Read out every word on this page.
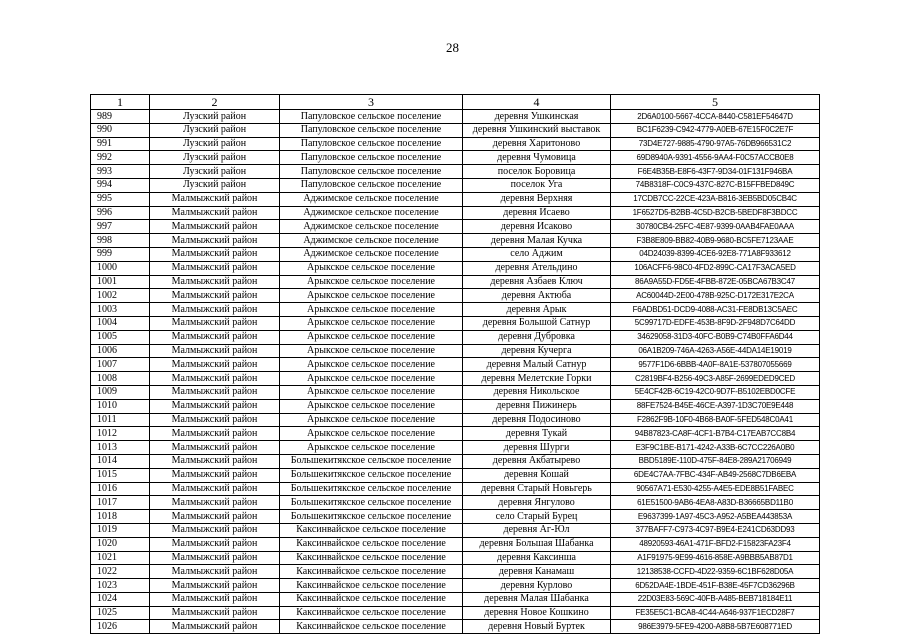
28
1	2	3	4	5
989	Лузский район	Папуловское сельское поселение	деревня Ушкинская	2D6A0100-5667-4CCA-8440-C581EF54647D
990	Лузский район	Папуловское сельское поселение	деревня Ушкинский выставок	BC1F6239-C942-4779-A0EB-67E15F0C2E7F
991	Лузский район	Папуловское сельское поселение	деревня Харитоново	73D4E727-9885-4790-97A5-76DB966531C2
992	Лузский район	Папуловское сельское поселение	деревня Чумовица	69D8940A-9391-4556-9AA4-F0C57ACCB0E8
993	Лузский район	Папуловское сельское поселение	поселок Боровица	F6E4B35B-E8F6-43F7-9D34-01F131F946BA
994	Лузский район	Папуловское сельское поселение	поселок Уга	74B8318F-C0C9-437C-827C-B15FFBED849C
995	Малмыжский район	Аджимское сельское поселение	деревня Верхняя	17CDB7CC-22CE-423A-B816-3EB5BD05CB4C
996	Малмыжский район	Аджимское сельское поселение	деревня Исаево	1F6527D5-B2BB-4C5D-B2CB-5BEDF8F3BDCC
997	Малмыжский район	Аджимское сельское поселение	деревня Исаково	30780CB4-25FC-4E87-9399-0AAB4FAE0AAA
998	Малмыжский район	Аджимское сельское поселение	деревня Малая Кучка	F3B8E809-BB82-40B9-9680-BC5FE7123AAE
999	Малмыжский район	Аджимское сельское поселение	село Аджим	04D24039-8399-4CE6-92E8-771A8F933612
1000	Малмыжский район	Арыкское сельское поселение	деревня Ательдино	106ACFF6-98C0-4FD2-899C-CA17F3ACA5ED
1001	Малмыжский район	Арыкское сельское поселение	деревня Азбаев Ключ	86A9A55D-FD5E-4FBB-872E-05BCA67B3C47
1002	Малмыжский район	Арыкское сельское поселение	деревня Актюба	AC60044D-2E00-478B-925C-D172E317E2CA
1003	Малмыжский район	Арыкское сельское поселение	деревня Арык	F6ADBD51-DCD9-4088-AC31-FE8DB13C5AEC
1004	Малмыжский район	Арыкское сельское поселение	деревня Большой Сатнур	5C99717D-EDFE-453B-8F9D-2F948D7C64DD
1005	Малмыжский район	Арыкское сельское поселение	деревня Дубровка	34629058-31D3-40FC-B0B9-C74B0FFA6D44
1006	Малмыжский район	Арыкское сельское поселение	деревня Кучерга	06A1B209-746A-4263-A56E-44DA14E19019
1007	Малмыжский район	Арыкское сельское поселение	деревня Малый Сатнур	9577F1D6-6BBB-4A0F-8A1E-537807055669
1008	Малмыжский район	Арыкское сельское поселение	деревня Мелетские Горки	C2819BF4-B256-49C3-A85F-2699EDED9CED
1009	Малмыжский район	Арыкское сельское поселение	деревня Никольское	5E4CF42B-6C19-42C0-9D7F-B5102EBD0CFE
1010	Малмыжский район	Арыкское сельское поселение	деревня Пижинерь	88FE7524-B45E-46CE-A397-1D3C70E9E448
1011	Малмыжский район	Арыкское сельское поселение	деревня Подосиново	F2862F9B-10F0-4B68-BA0F-5FED548C0A41
1012	Малмыжский район	Арыкское сельское поселение	деревня Тукай	94B87823-CA8F-4CF1-B7B4-C17EAB7CC8B4
1013	Малмыжский район	Арыкское сельское поселение	деревня Шурги	E3F9C1BE-B171-4242-A33B-6C7CC226A0B0
1014	Малмыжский район	Большекитякское сельское поселение	деревня Акбатырево	BBD5189E-110D-475F-84E8-289A21706949
1015	Малмыжский район	Большекитякское сельское поселение	деревня Кошай	6DE4C7AA-7FBC-434F-AB49-2568C7DB6EBA
1016	Малмыжский район	Большекитякское сельское поселение	деревня Старый Новьгерь	90567A71-E530-4255-A4E5-EDE8B51FABEC
1017	Малмыжский район	Большекитякское сельское поселение	деревня Янгулово	61E51500-9AB6-4EA8-A83D-B36665BD11B0
1018	Малмыжский район	Большекитякское сельское поселение	село Старый Бурец	E9637399-1A97-45C3-A952-A5BEA443853A
1019	Малмыжский район	Каксинвайское сельское поселение	деревня Аг-Юл	377BAFF7-C973-4C97-B9E4-E241CD63DD93
1020	Малмыжский район	Каксинвайское сельское поселение	деревня Большая Шабанка	48920593-46A1-471F-BFD2-F15823FA23F4
1021	Малмыжский район	Каксинвайское сельское поселение	деревня Каксинша	A1F91975-9E99-4616-858E-A9BBB5AB87D1
1022	Малмыжский район	Каксинвайское сельское поселение	деревня Канамаш	12138538-CCFD-4D22-9359-6C1BF628D05A
1023	Малмыжский район	Каксинвайское сельское поселение	деревня Курлово	6D52DA4E-1BDE-451F-B38E-45F7CD36296B
1024	Малмыжский район	Каксинвайское сельское поселение	деревня Малая Шабанка	22D03E83-569C-40FB-A485-BEB718184E11
1025	Малмыжский район	Каксинвайское сельское поселение	деревня Новое Кошкино	FE35E5C1-BCA8-4C44-A646-937F1ECD28F7
1026	Малмыжский район	Каксинвайское сельское поселение	деревня Новый Буртек	986E3979-5FE9-4200-A8B8-5B7E608771ED
